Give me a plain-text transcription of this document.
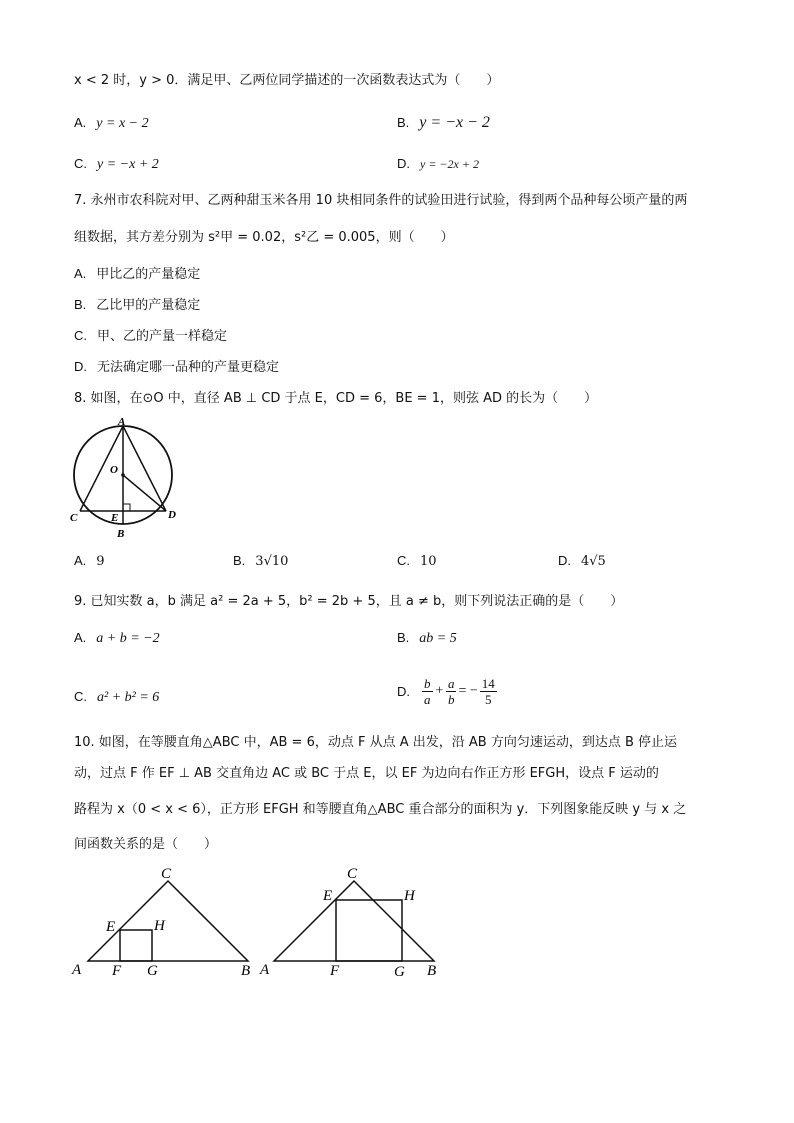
x < 2 时，y > 0．满足甲、乙两位同学描述的一次函数表达式为（　　）
A. y = x − 2	B. y = −x − 2
C. y = −x + 2	D. y = −2x + 2
7. 永州市农科院对甲、乙两种甜玉米各用 10 块相同条件的试验田进行试验，得到两个品种每公顷产量的两
组数据，其方差分别为 s²甲 = 0.02，s²乙 = 0.005，则（　　）
A. 甲比乙的产量稳定
B. 乙比甲的产量稳定
C. 甲、乙的产量一样稳定
D. 无法确定哪一品种的产量更稳定
8. 如图，在⊙O 中，直径 AB ⊥ CD 于点 E，CD = 6，BE = 1，则弦 AD 的长为（　　）
A
O
C	E	D
B
A. 9	B. 3√10	C. 10	D. 4√5
9. 已知实数 a，b 满足 a² = 2a + 5，b² = 2b + 5，且 a ≠ b，则下列说法正确的是（　　）
A. a + b = −2	B. ab = 5
C. a² + b² = 6	D. $\frac{b}{a} + \frac{a}{b}$ = − $\frac{14}{5}$
10. 如图，在等腰直角△ABC 中，AB = 6，动点 F 从点 A 出发，沿 AB 方向匀速运动，到达点 B 停止运
动，过点 F 作 EF ⊥ AB 交直角边 AC 或 BC 于点 E，以 EF 为边向右作正方形 EFGH，设点 F 运动的
路程为 x（0 < x < 6），正方形 EFGH 和等腰直角△ABC 重合部分的面积为 y．下列图象能反映 y 与 x 之
间函数关系的是（　　）
C
E	H
A F G	B
C
E	H
A	F	G B
